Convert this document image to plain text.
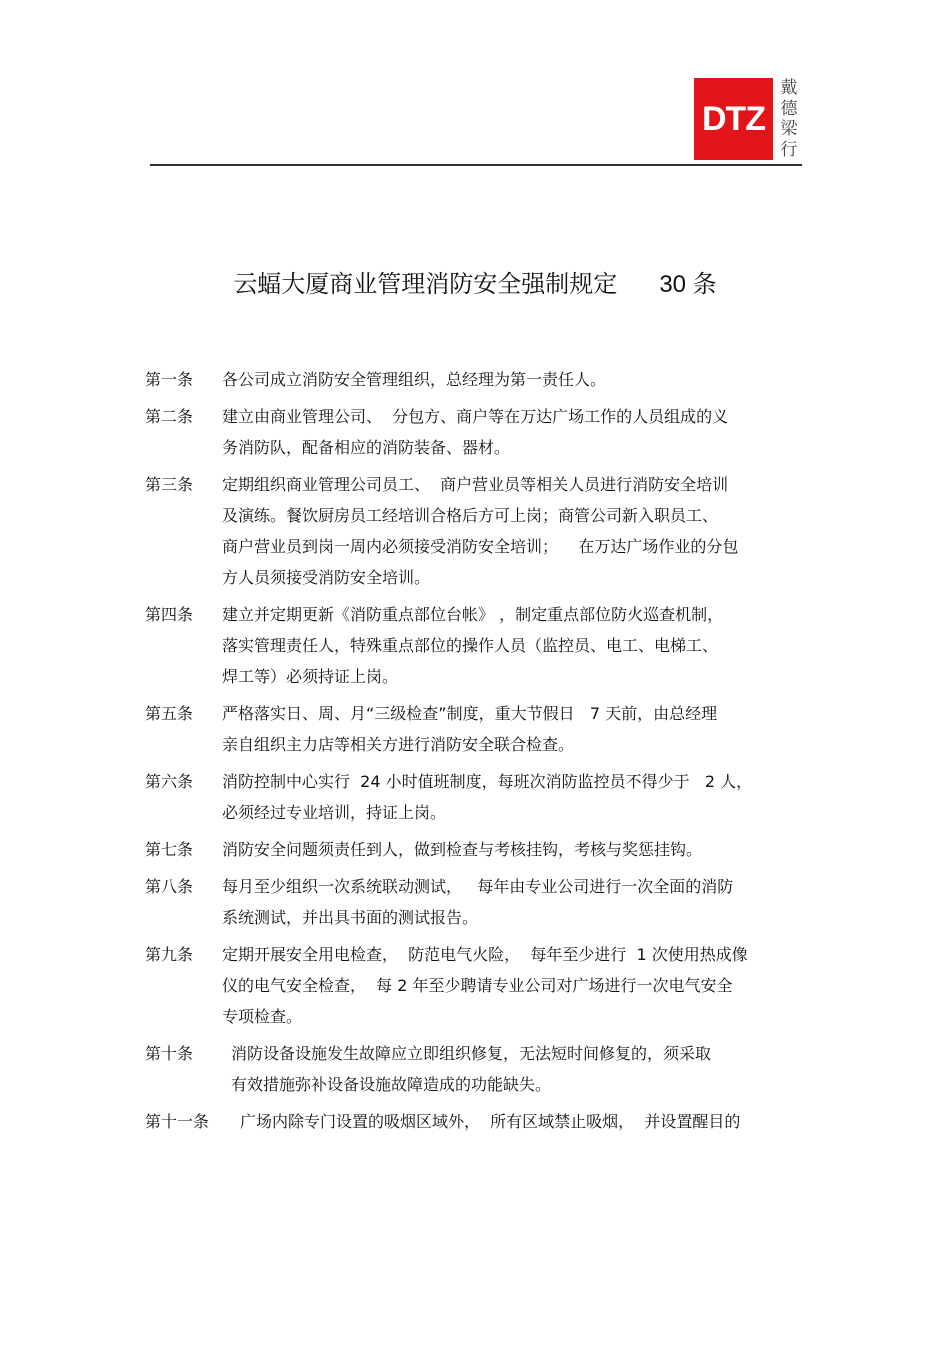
DTZ
戴
德
梁
行
云蝠大厦商业管理消防安全强制规定 30 条
第一条 各公司成立消防安全管理组织，总经理为第一责任人。
第二条 建立由商业管理公司、  分包方、商户等在万达广场工作的人员组成的义
务消防队，配备相应的消防装备、器材。
第三条 定期组织商业管理公司员工、  商户营业员等相关人员进行消防安全培训
及演练。餐饮厨房员工经培训合格后方可上岗；商管公司新入职员工、
商户营业员到岗一周内必须接受消防安全培训；    在万达广场作业的分包
方人员须接受消防安全培训。
第四条 建立并定期更新《消防重点部位台帐》 ，制定重点部位防火巡查机制，
落实管理责任人，特殊重点部位的操作人员（监控员、电工、电梯工、
焊工等）必须持证上岗。
第五条 严格落实日、周、月“三级检查”制度，重大节假日   7 天前，由总经理
亲自组织主力店等相关方进行消防安全联合检查。
第六条 消防控制中心实行  24 小时值班制度，每班次消防监控员不得少于   2 人，
必须经过专业培训，持证上岗。
第七条 消防安全问题须责任到人，做到检查与考核挂钩，考核与奖惩挂钩。
第八条 每月至少组织一次系统联动测试，   每年由专业公司进行一次全面的消防
系统测试，并出具书面的测试报告。
第九条 定期开展安全用电检查，  防范电气火险，  每年至少进行  1 次使用热成像
仪的电气安全检查，  每 2 年至少聘请专业公司对广场进行一次电气安全
专项检查。
第十条 消防设备设施发生故障应立即组织修复，无法短时间修复的，须采取
有效措施弥补设备设施故障造成的功能缺失。
第十一条 广场内除专门设置的吸烟区域外，  所有区域禁止吸烟，  并设置醒目的
